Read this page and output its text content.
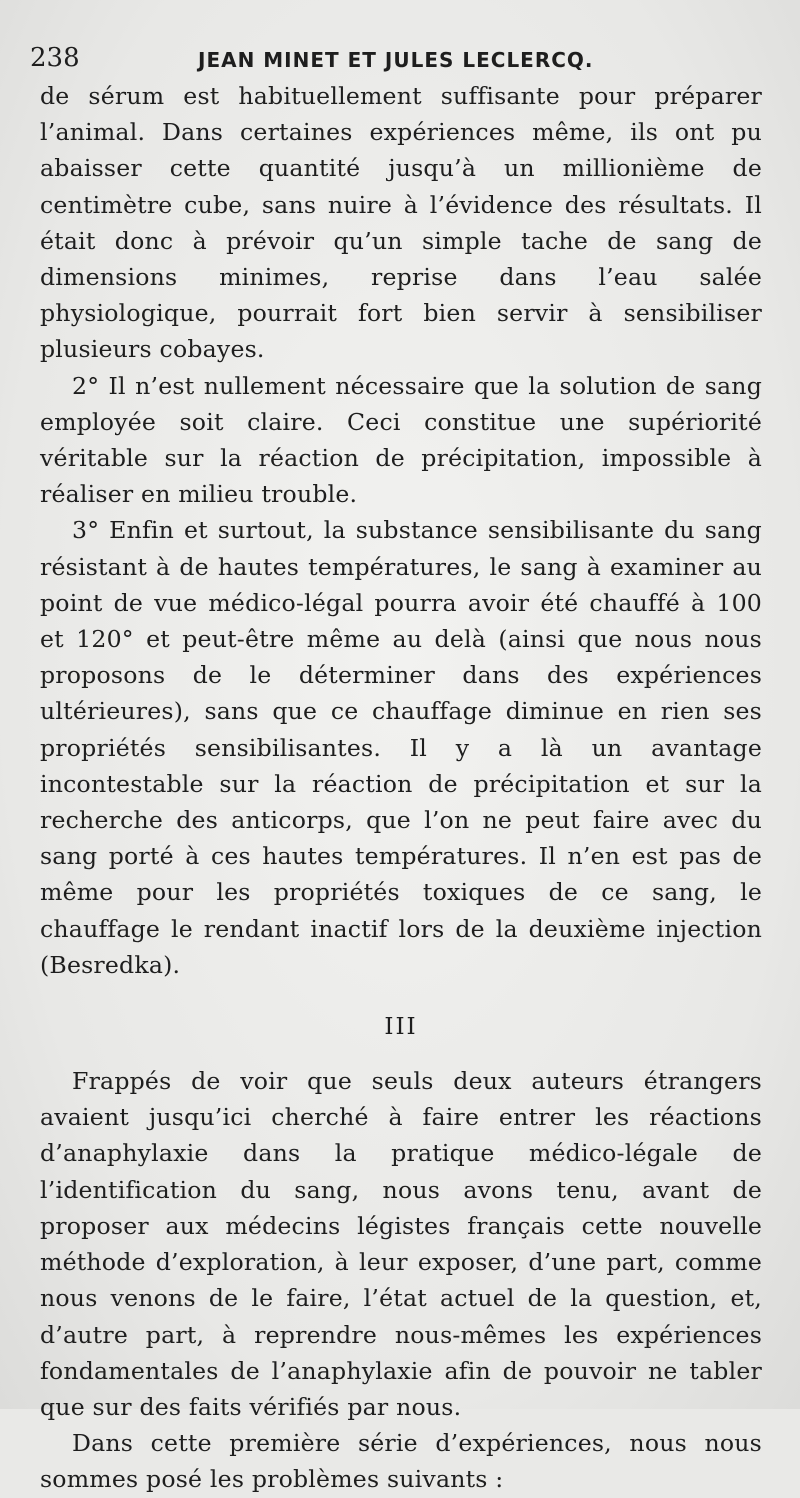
238	JEAN MINET ET JULES LECLERCQ.

de sérum est habituellement suffisante pour préparer l’animal. Dans certaines expériences même, ils ont pu abaisser cette quantité jusqu’à un millionième de centimètre cube, sans nuire à l’évidence des résultats. Il était donc à prévoir qu’un simple tache de sang de dimensions minimes, reprise dans l’eau salée physiologique, pourrait fort bien servir à sensibiliser plusieurs cobayes.

2° Il n’est nullement nécessaire que la solution de sang employée soit claire. Ceci constitue une supériorité véritable sur la réaction de précipitation, impossible à réaliser en milieu trouble.

3° Enfin et surtout, la substance sensibilisante du sang résistant à de hautes températures, le sang à examiner au point de vue médico-légal pourra avoir été chauffé à 100 et 120° et peut-être même au delà (ainsi que nous nous proposons de le déterminer dans des expériences ultérieures), sans que ce chauffage diminue en rien ses propriétés sensibilisantes. Il y a là un avantage incontestable sur la réaction de précipitation et sur la recherche des anticorps, que l’on ne peut faire avec du sang porté à ces hautes températures. Il n’en est pas de même pour les propriétés toxiques de ce sang, le chauffage le rendant inactif lors de la deuxième injection (Besredka).

III

Frappés de voir que seuls deux auteurs étrangers avaient jusqu’ici cherché à faire entrer les réactions d’anaphylaxie dans la pratique médico-légale de l’identification du sang, nous avons tenu, avant de proposer aux médecins légistes français cette nouvelle méthode d’exploration, à leur exposer, d’une part, comme nous venons de le faire, l’état actuel de la question, et, d’autre part, à reprendre nous-mêmes les expériences fondamentales de l’anaphylaxie afin de pouvoir ne tabler que sur des faits vérifiés par nous.

Dans cette première série d’expériences, nous nous sommes posé les problèmes suivants :
